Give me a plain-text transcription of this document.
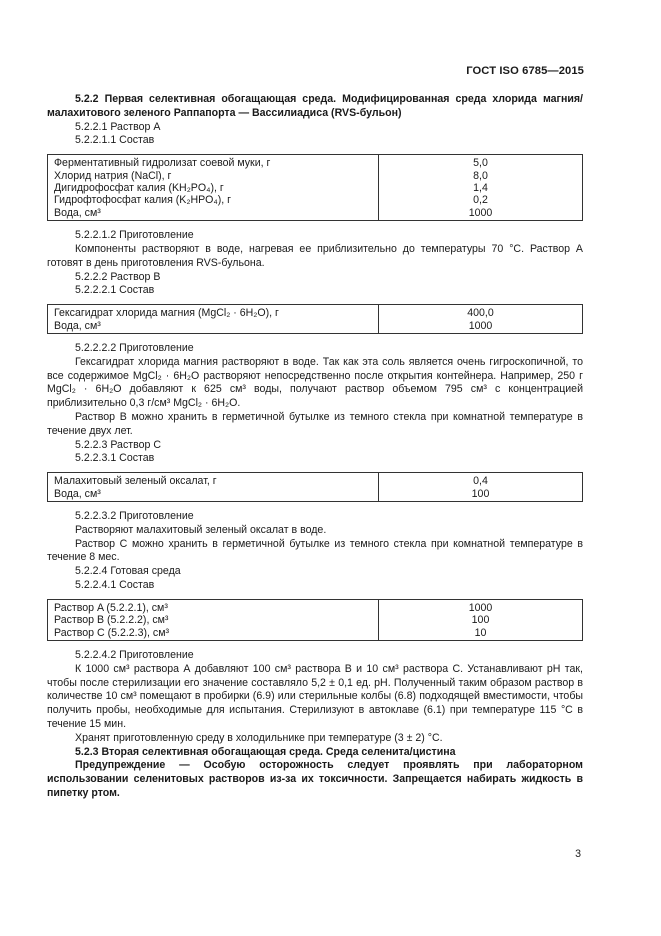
ГОСТ ISO 6785—2015

5.2.2 Первая селективная обогащающая среда. Модифицированная среда хлорида магния/малахитового зеленого Раппапорта — Вассилиадиса (RVS-бульон)

5.2.2.1 Раствор A

5.2.2.1.1 Состав

Ферментативный гидролизат соевой муки, г	5,0
Хлорид натрия (NaCl), г	8,0
Дигидрофосфат калия (KH₂PO₄), г	1,4
Гидрофтофосфат калия (K₂HPO₄), г	0,2
Вода, см³	1000

5.2.2.1.2 Приготовление

Компоненты растворяют в воде, нагревая ее приблизительно до температуры 70 °С. Раствор А готовят в день приготовления RVS-бульона.

5.2.2.2 Раствор B

5.2.2.2.1 Состав

Гексагидрат хлорида магния (MgCl₂ · 6H₂O), г	400,0
Вода, см³	1000

5.2.2.2.2 Приготовление

Гексагидрат хлорида магния растворяют в воде. Так как эта соль является очень гигроскопичной, то все содержимое MgCl₂ · 6H₂O растворяют непосредственно после открытия контейнера. Например, 250 г MgCl₂ · 6H₂O добавляют к 625 см³ воды, получают раствор объемом 795 см³ с концентрацией приблизительно 0,3 г/см³ MgCl₂ · 6H₂O.

Раствор В можно хранить в герметичной бутылке из темного стекла при комнатной температуре в течение двух лет.

5.2.2.3 Раствор C

5.2.2.3.1 Состав

Малахитовый зеленый оксалат, г	0,4
Вода, см³	100

5.2.2.3.2 Приготовление

Растворяют малахитовый зеленый оксалат в воде.

Раствор С можно хранить в герметичной бутылке из темного стекла при комнатной температуре в течение 8 мес.

5.2.2.4 Готовая среда

5.2.2.4.1 Состав

Раствор A (5.2.2.1), см³	1000
Раствор B (5.2.2.2), см³	100
Раствор C (5.2.2.3), см³	10

5.2.2.4.2 Приготовление

К 1000 см³ раствора А добавляют 100 см³ раствора В и 10 см³ раствора С. Устанавливают рН так, чтобы после стерилизации его значение составляло 5,2 ± 0,1 ед. рН. Полученный таким образом раствор в количестве 10 см³ помещают в пробирки (6.9) или стерильные колбы (6.8) подходящей вместимости, чтобы получить пробы, необходимые для испытания. Стерилизуют в автоклаве (6.1) при температуре 115 °С в течение 15 мин.

Хранят приготовленную среду в холодильнике при температуре (3 ± 2) °С.

5.2.3 Вторая селективная обогащающая среда. Среда селенита/цистина

Предупреждение — Особую осторожность следует проявлять при лабораторном использовании селенитовых растворов из-за их токсичности. Запрещается набирать жидкость в пипетку ртом.

3
